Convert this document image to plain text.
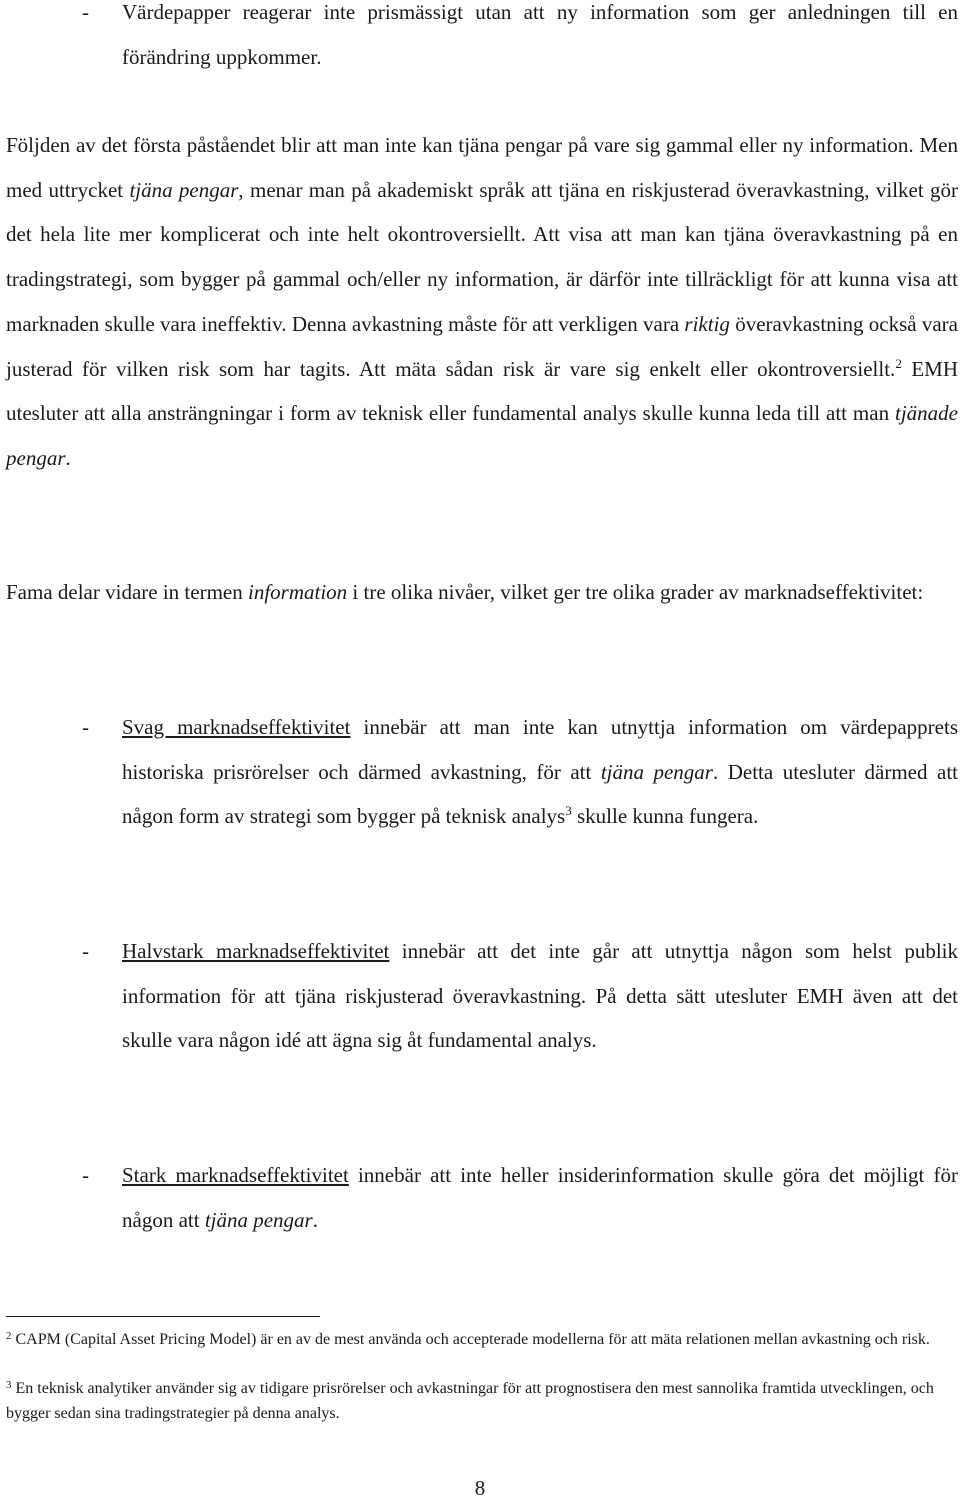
- Värdepapper reagerar inte prismässigt utan att ny information som ger anledningen till en förändring uppkommer.

Följden av det första påståendet blir att man inte kan tjäna pengar på vare sig gammal eller ny information. Men med uttrycket tjäna pengar, menar man på akademiskt språk att tjäna en riskjusterad överavkastning, vilket gör det hela lite mer komplicerat och inte helt okontroversiellt. Att visa att man kan tjäna överavkastning på en tradingstrategi, som bygger på gammal och/eller ny information, är därför inte tillräckligt för att kunna visa att marknaden skulle vara ineffektiv. Denna avkastning måste för att verkligen vara riktig överavkastning också vara justerad för vilken risk som har tagits. Att mäta sådan risk är vare sig enkelt eller okontroversiellt.$^2$ EMH utesluter att alla ansträngningar i form av teknisk eller fundamental analys skulle kunna leda till att man tjänade pengar.

Fama delar vidare in termen information i tre olika nivåer, vilket ger tre olika grader av marknadseffektivitet:

- Svag marknadseffektivitet innebär att man inte kan utnyttja information om värdepapprets historiska prisrörelser och därmed avkastning, för att tjäna pengar. Detta utesluter därmed att någon form av strategi som bygger på teknisk analys$^3$ skulle kunna fungera.
- Halvstark marknadseffektivitet innebär att det inte går att utnyttja någon som helst publik information för att tjäna riskjusterad överavkastning. På detta sätt utesluter EMH även att det skulle vara någon idé att ägna sig åt fundamental analys.
- Stark marknadseffektivitet innebär att inte heller insiderinformation skulle göra det möjligt för någon att tjäna pengar.

$^2$ CAPM (Capital Asset Pricing Model) är en av de mest använda och accepterade modellerna för att mäta relationen mellan avkastning och risk.

$^3$ En teknisk analytiker använder sig av tidigare prisrörelser och avkastningar för att prognostisera den mest sannolika framtida utvecklingen, och bygger sedan sina tradingstrategier på denna analys.

8
